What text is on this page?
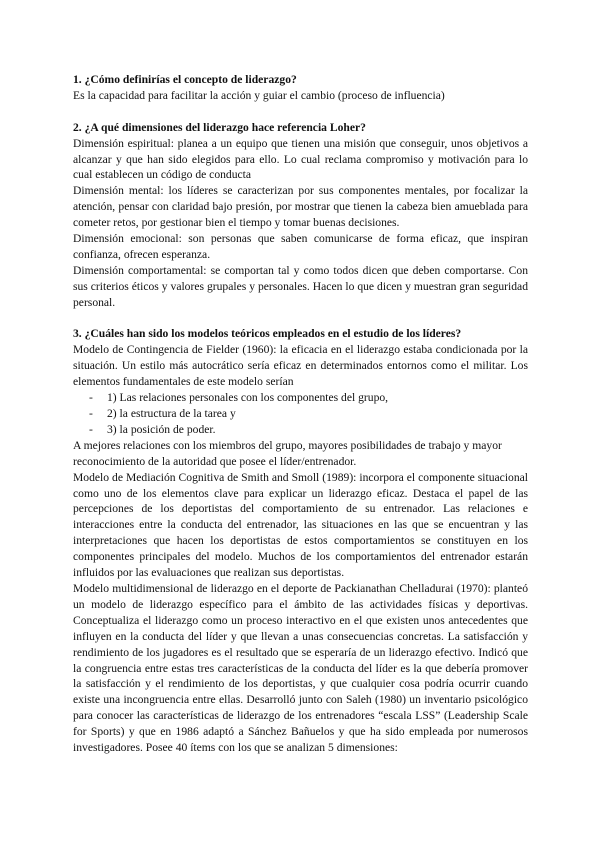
1. ¿Cómo definirías el concepto de liderazgo?

Es la capacidad para facilitar la acción y guiar el cambio (proceso de influencia)

2. ¿A qué dimensiones del liderazgo hace referencia Loher?

Dimensión espiritual: planea a un equipo que tienen una misión que conseguir, unos objetivos a alcanzar y que han sido elegidos para ello. Lo cual reclama compromiso y motivación para lo cual establecen un código de conducta

Dimensión mental: los líderes se caracterizan por sus componentes mentales, por focalizar la atención, pensar con claridad bajo presión, por mostrar que tienen la cabeza bien amueblada para cometer retos, por gestionar bien el tiempo y tomar buenas decisiones.

Dimensión emocional: son personas que saben comunicarse de forma eficaz, que inspiran confianza, ofrecen esperanza.

Dimensión comportamental: se comportan tal y como todos dicen que deben comportarse. Con sus criterios éticos y valores grupales y personales. Hacen lo que dicen y muestran gran seguridad personal.

3. ¿Cuáles han sido los modelos teóricos empleados en el estudio de los líderes?

Modelo de Contingencia de Fielder (1960): la eficacia en el liderazgo estaba condicionada por la situación. Un estilo más autocrático sería eficaz en determinados entornos como el militar. Los elementos fundamentales de este modelo serían

- 1) Las relaciones personales con los componentes del grupo,
- 2) la estructura de la tarea y
- 3) la posición de poder.

A mejores relaciones con los miembros del grupo, mayores posibilidades de trabajo y mayor reconocimiento de la autoridad que posee el líder/entrenador.

Modelo de Mediación Cognitiva de Smith and Smoll (1989): incorpora el componente situacional como uno de los elementos clave para explicar un liderazgo eficaz. Destaca el papel de las percepciones de los deportistas del comportamiento de su entrenador. Las relaciones e interacciones entre la conducta del entrenador, las situaciones en las que se encuentran y las interpretaciones que hacen los deportistas de estos comportamientos se constituyen en los componentes principales del modelo. Muchos de los comportamientos del entrenador estarán influidos por las evaluaciones que realizan sus deportistas.

Modelo multidimensional de liderazgo en el deporte de Packianathan Chelladurai (1970): planteó un modelo de liderazgo específico para el ámbito de las actividades físicas y deportivas. Conceptualiza el liderazgo como un proceso interactivo en el que existen unos antecedentes que influyen en la conducta del líder y que llevan a unas consecuencias concretas. La satisfacción y rendimiento de los jugadores es el resultado que se esperaría de un liderazgo efectivo. Indicó que la congruencia entre estas tres características de la conducta del líder es la que debería promover la satisfacción y el rendimiento de los deportistas, y que cualquier cosa podría ocurrir cuando existe una incongruencia entre ellas. Desarrolló junto con Saleh (1980) un inventario psicológico para conocer las características de liderazgo de los entrenadores “escala LSS” (Leadership Scale for Sports) y que en 1986 adaptó a Sánchez Bañuelos y que ha sido empleada por numerosos investigadores. Posee 40 ítems con los que se analizan 5 dimensiones:
